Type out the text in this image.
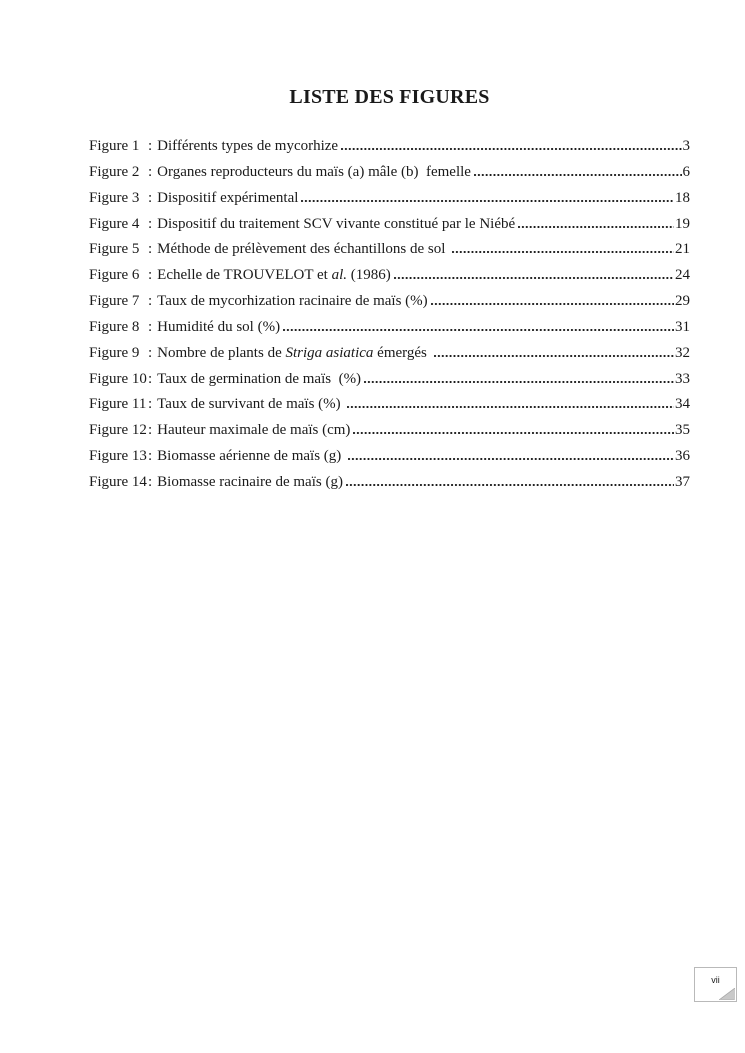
LISTE DES FIGURES
Figure 1 : Différents types de mycorhize	3
Figure 2 : Organes reproducteurs du maïs (a) mâle (b)  femelle	6
Figure 3 : Dispositif expérimental	18
Figure 4 : Dispositif du traitement SCV vivante constitué par le Niébé	19
Figure 5 : Méthode de prélèvement des échantillons de sol	21
Figure 6 : Echelle de TROUVELOT et al. (1986)	24
Figure 7 : Taux de mycorhization racinaire de maïs (%)	29
Figure 8 : Humidité du sol (%)	31
Figure 9 : Nombre de plants de Striga asiatica émergés	32
Figure 10 : Taux de germination de maïs  (%)	33
Figure 11 : Taux de survivant de maïs (%)	34
Figure 12 : Hauteur maximale de maïs (cm)	35
Figure 13 : Biomasse aérienne de maïs (g)	36
Figure 14 : Biomasse racinaire de maïs (g)	37
vii
